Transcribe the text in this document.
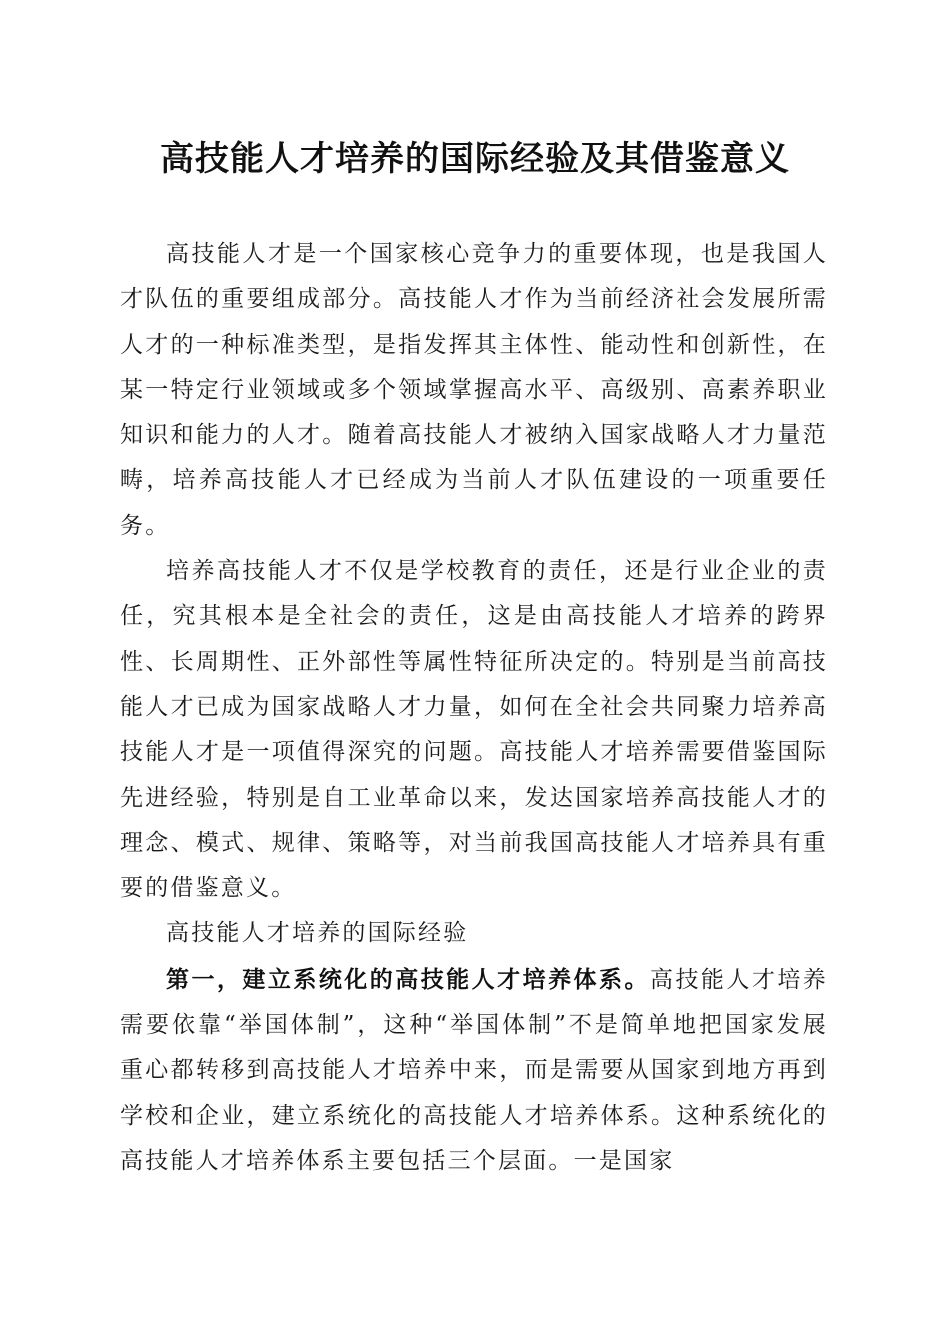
高技能人才培养的国际经验及其借鉴意义

高技能人才是一个国家核心竞争力的重要体现，也是我国人才队伍的重要组成部分。高技能人才作为当前经济社会发展所需人才的一种标准类型，是指发挥其主体性、能动性和创新性，在某一特定行业领域或多个领域掌握高水平、高级别、高素养职业知识和能力的人才。随着高技能人才被纳入国家战略人才力量范畴，培养高技能人才已经成为当前人才队伍建设的一项重要任务。

培养高技能人才不仅是学校教育的责任，还是行业企业的责任，究其根本是全社会的责任，这是由高技能人才培养的跨界性、长周期性、正外部性等属性特征所决定的。特别是当前高技能人才已成为国家战略人才力量，如何在全社会共同聚力培养高技能人才是一项值得深究的问题。高技能人才培养需要借鉴国际先进经验，特别是自工业革命以来，发达国家培养高技能人才的理念、模式、规律、策略等，对当前我国高技能人才培养具有重要的借鉴意义。

高技能人才培养的国际经验

第一，建立系统化的高技能人才培养体系。高技能人才培养需要依靠“举国体制”，这种“举国体制”不是简单地把国家发展重心都转移到高技能人才培养中来，而是需要从国家到地方再到学校和企业，建立系统化的高技能人才培养体系。这种系统化的高技能人才培养体系主要包括三个层面。一是国家
